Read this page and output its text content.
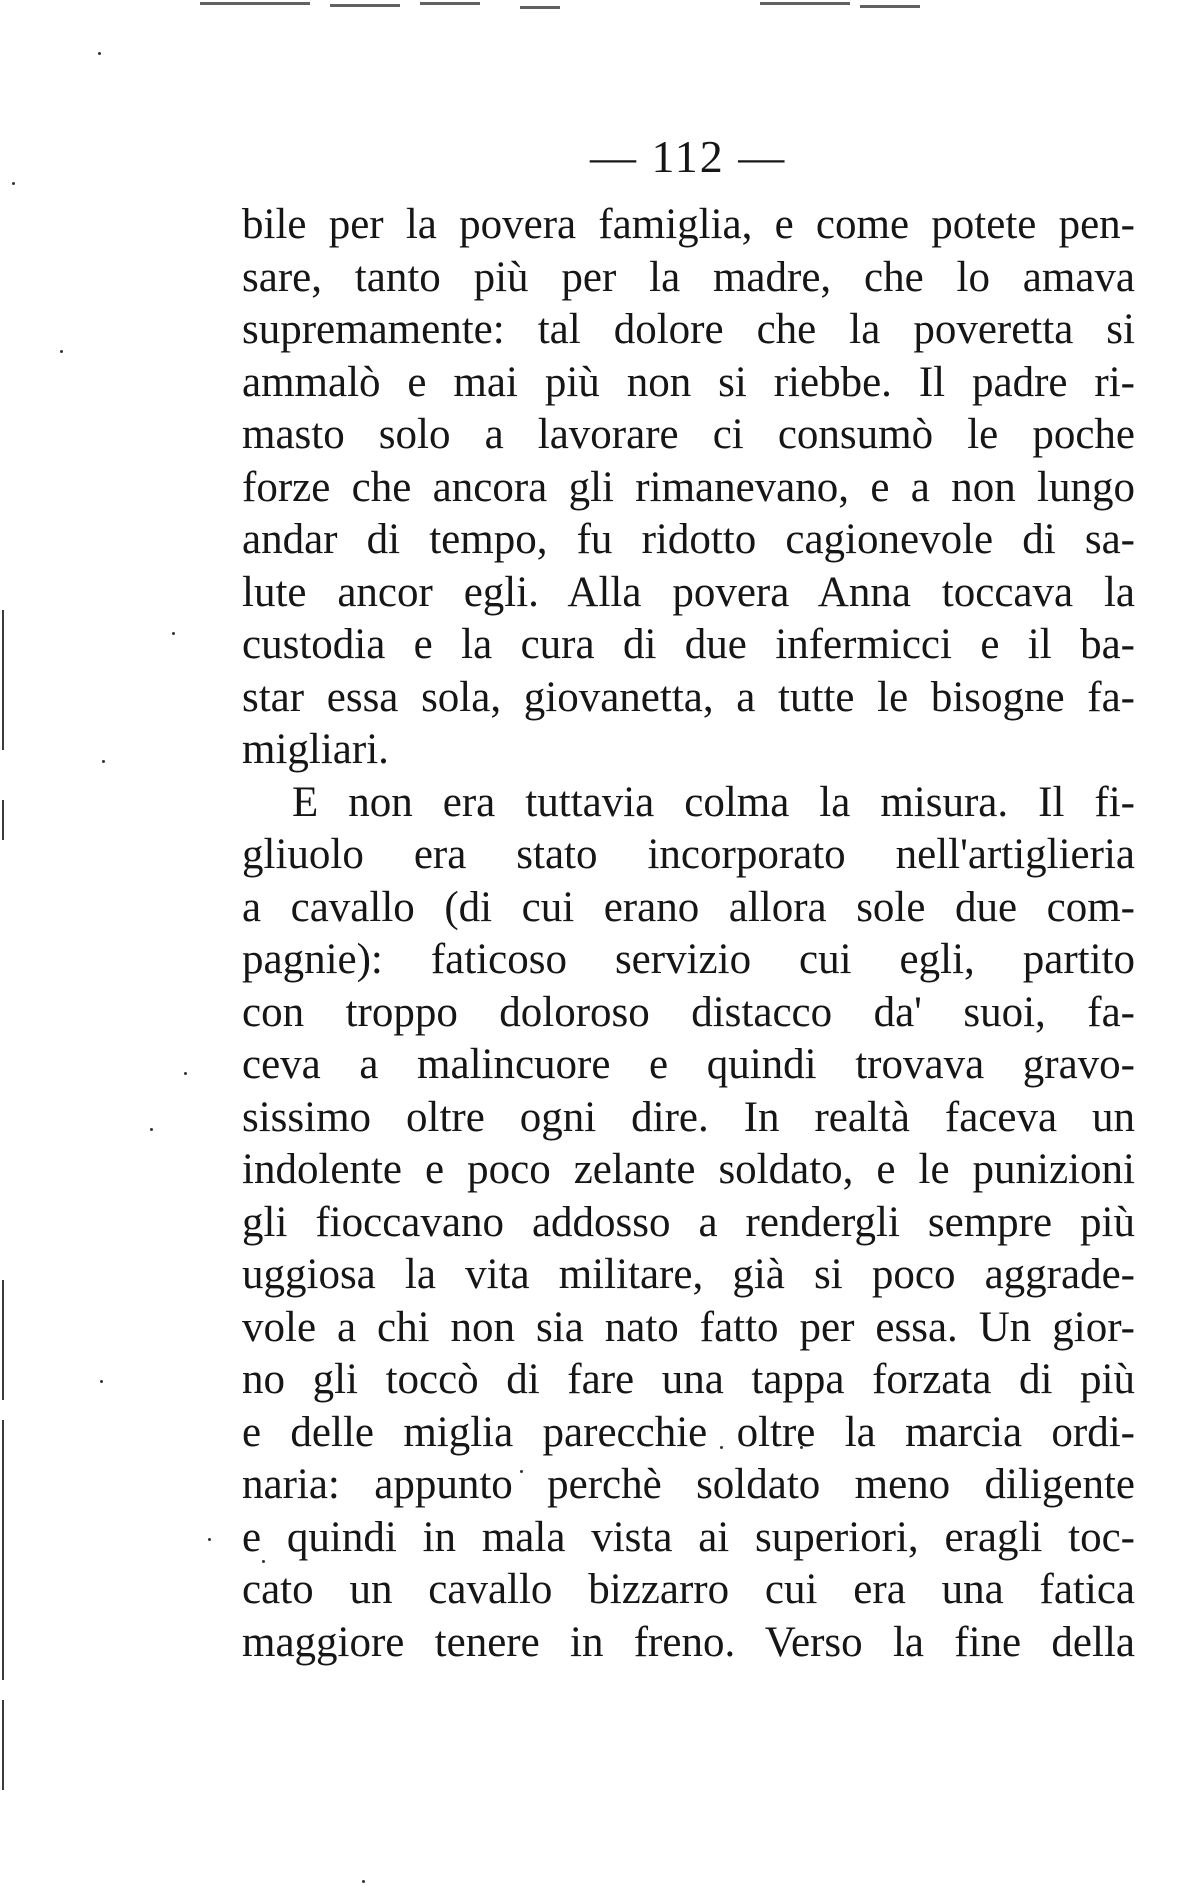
— 112 —
bile per la povera famiglia, e come potete pen-
sare, tanto più per la madre, che lo amava
supremamente: tal dolore che la poveretta si
ammalò e mai più non si riebbe. Il padre ri-
masto solo a lavorare ci consumò le poche
forze che ancora gli rimanevano, e a non lungo
andar di tempo, fu ridotto cagionevole di sa-
lute ancor egli. Alla povera Anna toccava la
custodia e la cura di due infermicci e il ba-
star essa sola, giovanetta, a tutte le bisogne fa-
migliari.
E non era tuttavia colma la misura. Il fi-
gliuolo era stato incorporato nell'artiglieria
a cavallo (di cui erano allora sole due com-
pagnie): faticoso servizio cui egli, partito
con troppo doloroso distacco da' suoi, fa-
ceva a malincuore e quindi trovava gravo-
sissimo oltre ogni dire. In realtà faceva un
indolente e poco zelante soldato, e le punizioni
gli fioccavano addosso a rendergli sempre più
uggiosa la vita militare, già si poco aggrade-
vole a chi non sia nato fatto per essa. Un gior-
no gli toccò di fare una tappa forzata di più
e delle miglia parecchie oltre la marcia ordi-
naria: appunto perchè soldato meno diligente
e quindi in mala vista ai superiori, eragli toc-
cato un cavallo bizzarro cui era una fatica
maggiore tenere in freno. Verso la fine della
